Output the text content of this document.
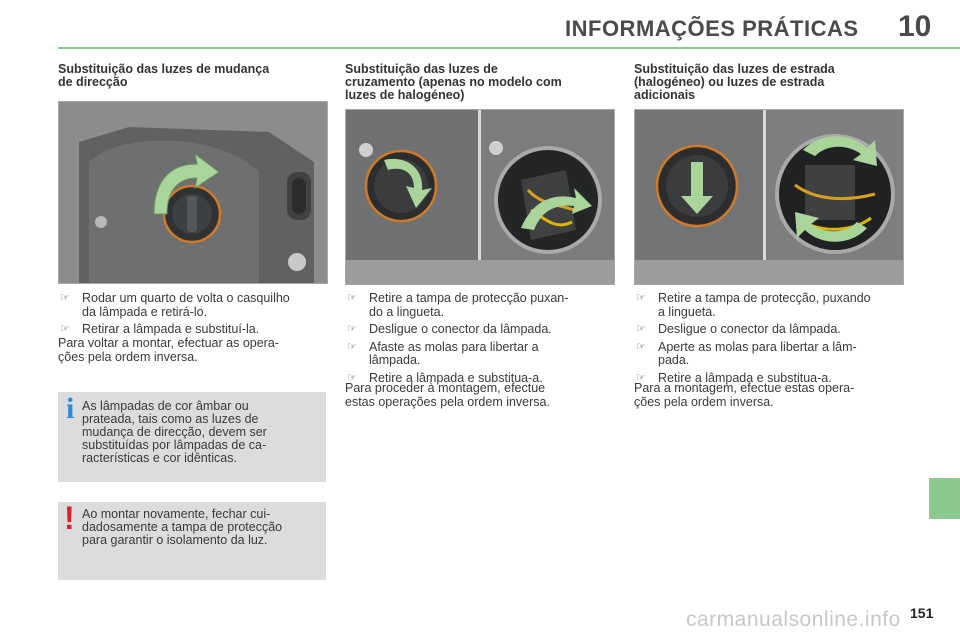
INFORMAÇÕES PRÁTICAS 10
Substituição das luzes de mudança
de direcção
☞ Rodar um quarto de volta o casquilho
da lâmpada e retirá-lo.
☞ Retirar a lâmpada e substituí-la.
Para voltar a montar, efectuar as opera-
ções pela ordem inversa.
i As lâmpadas de cor âmbar ou
prateada, tais como as luzes de
mudança de direcção, devem ser
substituídas por lâmpadas de ca-
racterísticas e cor idênticas.
! Ao montar novamente, fechar cui-
dadosamente a tampa de protecção
para garantir o isolamento da luz.
Substituição das luzes de
cruzamento (apenas no modelo com
luzes de halogéneo)
☞ Retire a tampa de protecção puxan-
do a lingueta.
☞ Desligue o conector da lâmpada.
☞ Afaste as molas para libertar a
lâmpada.
☞ Retire a lâmpada e substitua-a.
Para proceder à montagem, efectue
estas operações pela ordem inversa.
Substituição das luzes de estrada
(halogéneo) ou luzes de estrada
adicionais
☞ Retire a tampa de protecção, puxando
a lingueta.
☞ Desligue o conector da lâmpada.
☞ Aperte as molas para libertar a lâm-
pada.
☞ Retire a lâmpada e substitua-a.
Para a montagem, efectue estas opera-
ções pela ordem inversa.
carmanualsonline.info 151
